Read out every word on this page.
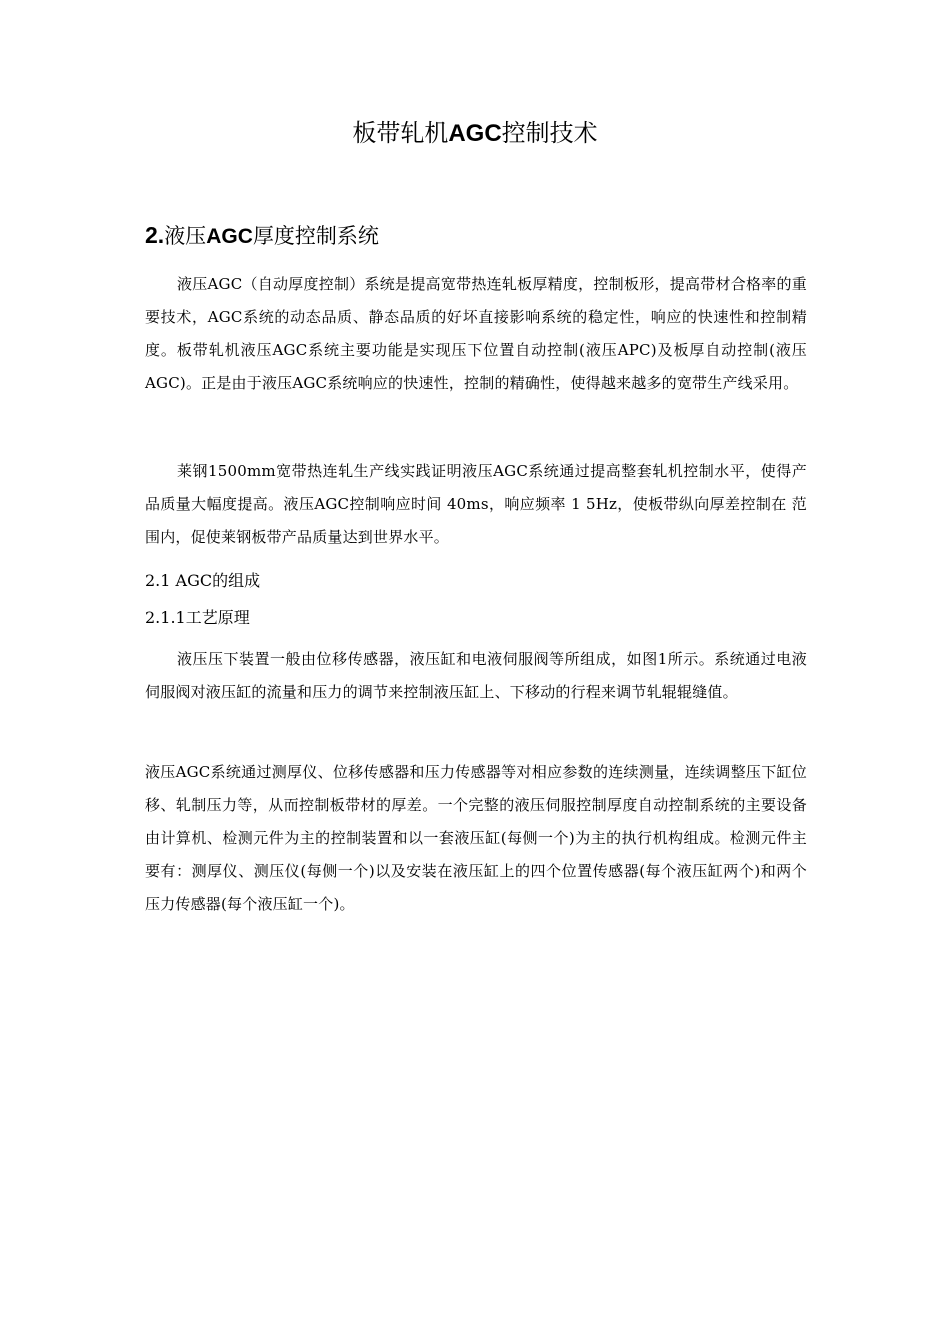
板带轧机AGC控制技术
2.液压AGC厚度控制系统

液压AGC（自动厚度控制）系统是提高宽带热连轧板厚精度，控制板形，提高带材合格率的重要技术，AGC系统的动态品质、静态品质的好坏直接影响系统的稳定性，响应的快速性和控制精度。板带轧机液压AGC系统主要功能是实现压下位置自动控制(液压APC)及板厚自动控制(液压AGC)。正是由于液压AGC系统响应的快速性，控制的精确性，使得越来越多的宽带生产线采用。

莱钢1500mm宽带热连轧生产线实践证明液压AGC系统通过提高整套轧机控制水平，使得产品质量大幅度提高。液压AGC控制响应时间 40ms，响应频率 1 5Hz，使板带纵向厚差控制在 范围内，促使莱钢板带产品质量达到世界水平。

2.1 AGC的组成
2.1.1工艺原理

液压压下装置一般由位移传感器，液压缸和电液伺服阀等所组成，如图1所示。系统通过电液伺服阀对液压缸的流量和压力的调节来控制液压缸上、下移动的行程来调节轧辊辊缝值。

液压AGC系统通过测厚仪、位移传感器和压力传感器等对相应参数的连续测量，连续调整压下缸位移、轧制压力等，从而控制板带材的厚差。一个完整的液压伺服控制厚度自动控制系统的主要设备由计算机、检测元件为主的控制装置和以一套液压缸(每侧一个)为主的执行机构组成。检测元件主要有：测厚仪、测压仪(每侧一个)以及安装在液压缸上的四个位置传感器(每个液压缸两个)和两个压力传感器(每个液压缸一个)。
